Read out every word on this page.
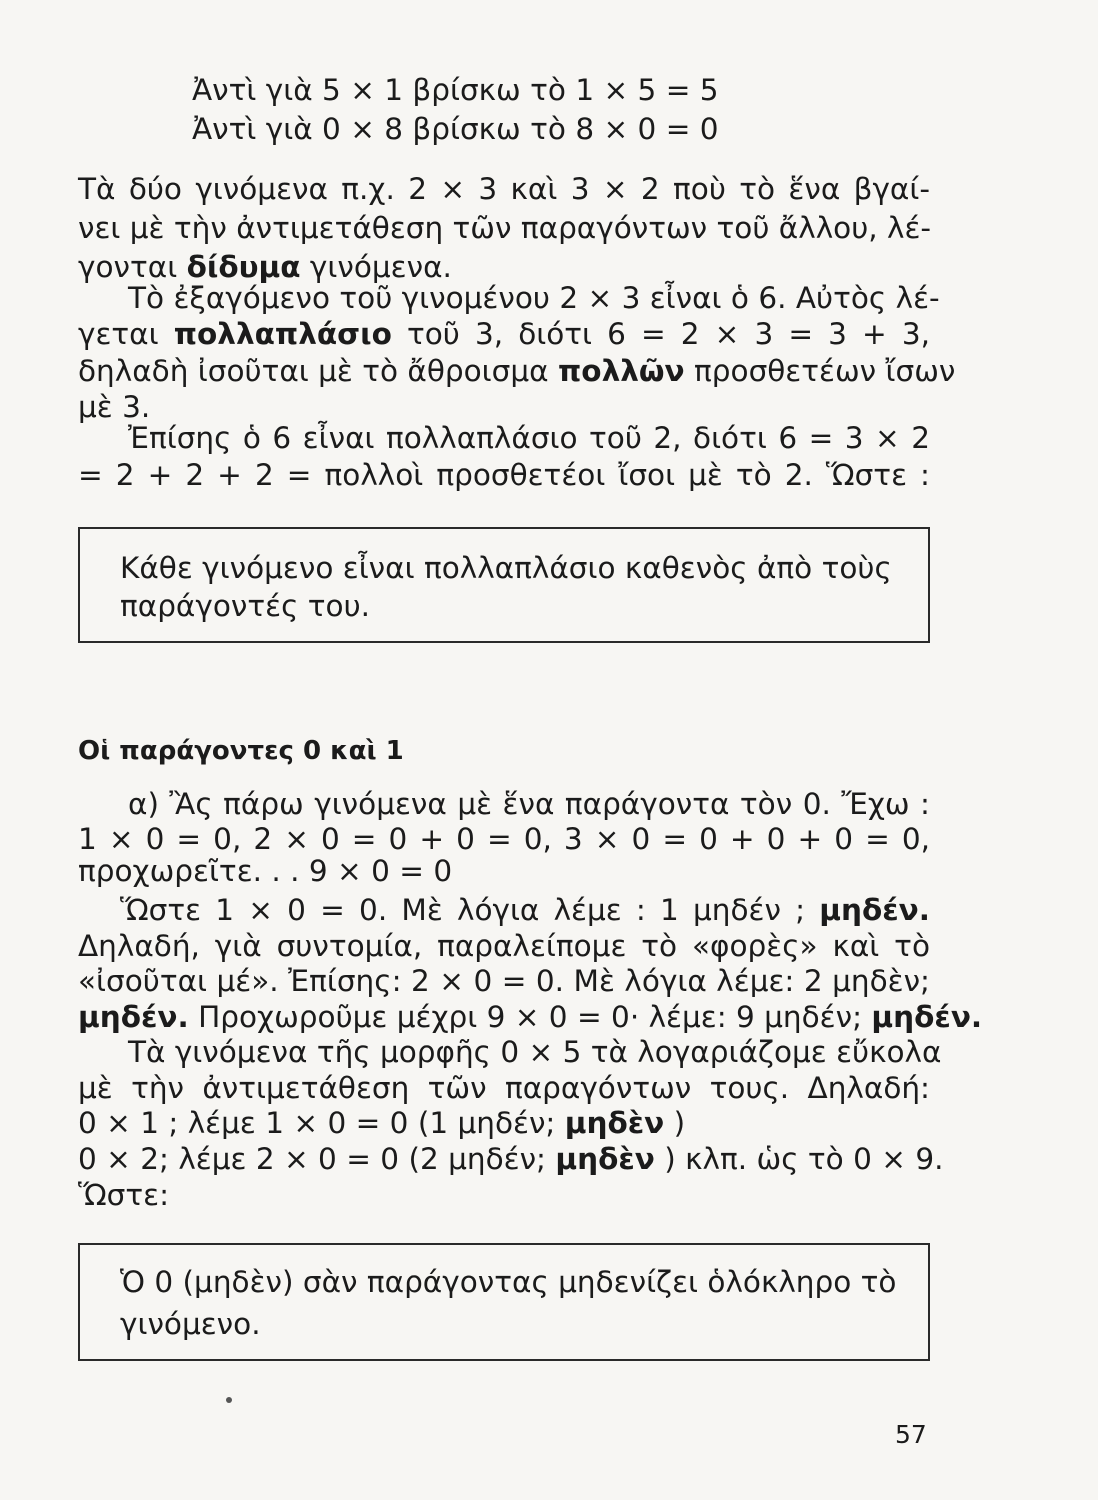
Ἀντὶ γιὰ 5 × 1 βρίσκω τὸ 1 × 5 = 5
Ἀντὶ γιὰ 0 × 8 βρίσκω τὸ 8 × 0 = 0
Τὰ δύο γινόμενα π.χ. 2 × 3 καὶ 3 × 2 ποὺ τὸ ἕνα βγαί-
νει μὲ τὴν ἀντιμετάθεση τῶν παραγόντων τοῦ ἄλλου, λέ-
γονται δίδυμα γινόμενα.
Τὸ ἐξαγόμενο τοῦ γινομένου 2 × 3 εἶναι ὁ 6. Αὐτὸς λέ-
γεται πολλαπλάσιο τοῦ 3, διότι 6 = 2 × 3 = 3 + 3,
δηλαδὴ ἰσοῦται μὲ τὸ ἄθροισμα πολλῶν προσθετέων ἴσων
μὲ 3.
Ἐπίσης ὁ 6 εἶναι πολλαπλάσιο τοῦ 2, διότι 6 = 3 × 2
= 2 + 2 + 2 = πολλοὶ προσθετέοι ἴσοι μὲ τὸ 2. Ὥστε :
Κάθε γινόμενο εἶναι πολλαπλάσιο καθενὸς ἀπὸ τοὺς
παράγοντές του.
Οἱ παράγοντες 0 καὶ 1
α) Ἂς πάρω γινόμενα μὲ ἕνα παράγοντα τὸν 0. Ἔχω :
1 × 0 = 0, 2 × 0 = 0 + 0 = 0, 3 × 0 = 0 + 0 + 0 = 0,
προχωρεῖτε. . . 9 × 0 = 0
Ὥστε 1 × 0 = 0. Μὲ λόγια λέμε : 1 μηδέν ; μηδέν.
Δηλαδή, γιὰ συντομία, παραλείπομε τὸ «φορὲς» καὶ τὸ
«ἰσοῦται μέ». Ἐπίσης: 2 × 0 = 0. Μὲ λόγια λέμε: 2 μηδὲν;
μηδέν. Προχωροῦμε μέχρι 9 × 0 = 0· λέμε: 9 μηδέν; μηδέν.
Τὰ γινόμενα τῆς μορφῆς 0 × 5 τὰ λογαριάζομε εὔκολα
μὲ τὴν ἀντιμετάθεση τῶν παραγόντων τους. Δηλαδή:
0 × 1 ; λέμε 1 × 0 = 0 (1 μηδέν; μηδὲν )
0 × 2; λέμε 2 × 0 = 0 (2 μηδέν; μηδὲν ) κλπ. ὡς τὸ 0 × 9.
Ὥστε:
Ὁ 0 (μηδὲν) σὰν παράγοντας μηδενίζει ὁλόκληρο τὸ
γινόμενο.
57
